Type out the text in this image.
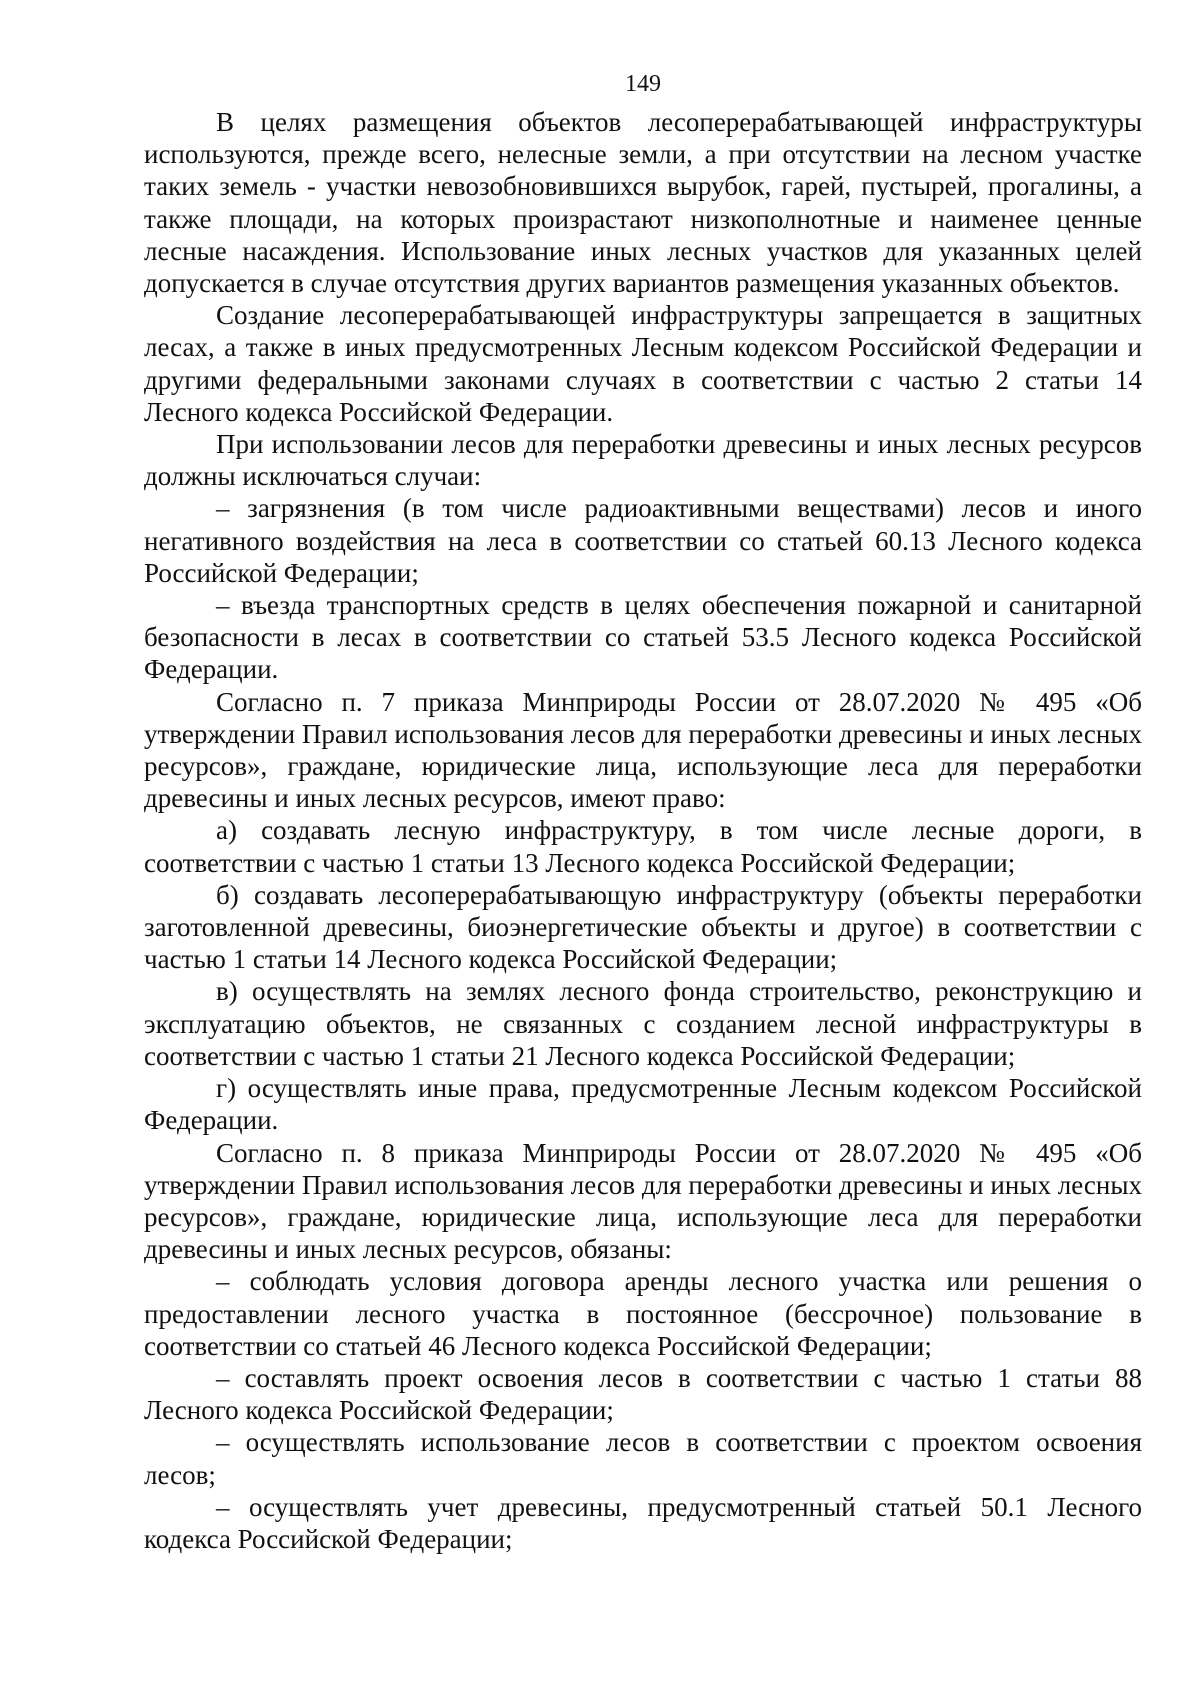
149

В целях размещения объектов лесоперерабатывающей инфраструктуры используются, прежде всего, нелесные земли, а при отсутствии на лесном участке таких земель - участки невозобновившихся вырубок, гарей, пустырей, прогалины, а также площади, на которых произрастают низкополнотные и наименее ценные лесные насаждения. Использование иных лесных участков для указанных целей допускается в случае отсутствия других вариантов размещения указанных объектов.

Создание лесоперерабатывающей инфраструктуры запрещается в защитных лесах, а также в иных предусмотренных Лесным кодексом Российской Федерации и другими федеральными законами случаях в соответствии с частью 2 статьи 14 Лесного кодекса Российской Федерации.

При использовании лесов для переработки древесины и иных лесных ресурсов должны исключаться случаи:

– загрязнения (в том числе радиоактивными веществами) лесов и иного негативного воздействия на леса в соответствии со статьей 60.13 Лесного кодекса Российской Федерации;

– въезда транспортных средств в целях обеспечения пожарной и санитарной безопасности в лесах в соответствии со статьей 53.5 Лесного кодекса Российской Федерации.

Согласно п. 7 приказа Минприроды России от 28.07.2020 № 495 «Об утверждении Правил использования лесов для переработки древесины и иных лесных ресурсов», граждане, юридические лица, использующие леса для переработки древесины и иных лесных ресурсов, имеют право:

а) создавать лесную инфраструктуру, в том числе лесные дороги, в соответствии с частью 1 статьи 13 Лесного кодекса Российской Федерации;

б) создавать лесоперерабатывающую инфраструктуру (объекты переработки заготовленной древесины, биоэнергетические объекты и другое) в соответствии с частью 1 статьи 14 Лесного кодекса Российской Федерации;

в) осуществлять на землях лесного фонда строительство, реконструкцию и эксплуатацию объектов, не связанных с созданием лесной инфраструктуры в соответствии с частью 1 статьи 21 Лесного кодекса Российской Федерации;

г) осуществлять иные права, предусмотренные Лесным кодексом Российской Федерации.

Согласно п. 8 приказа Минприроды России от 28.07.2020 № 495 «Об утверждении Правил использования лесов для переработки древесины и иных лесных ресурсов», граждане, юридические лица, использующие леса для переработки древесины и иных лесных ресурсов, обязаны:

– соблюдать условия договора аренды лесного участка или решения о предоставлении лесного участка в постоянное (бессрочное) пользование в соответствии со статьей 46 Лесного кодекса Российской Федерации;

– составлять проект освоения лесов в соответствии с частью 1 статьи 88 Лесного кодекса Российской Федерации;

– осуществлять использование лесов в соответствии с проектом освоения лесов;

– осуществлять учет древесины, предусмотренный статьей 50.1 Лесного кодекса Российской Федерации;
